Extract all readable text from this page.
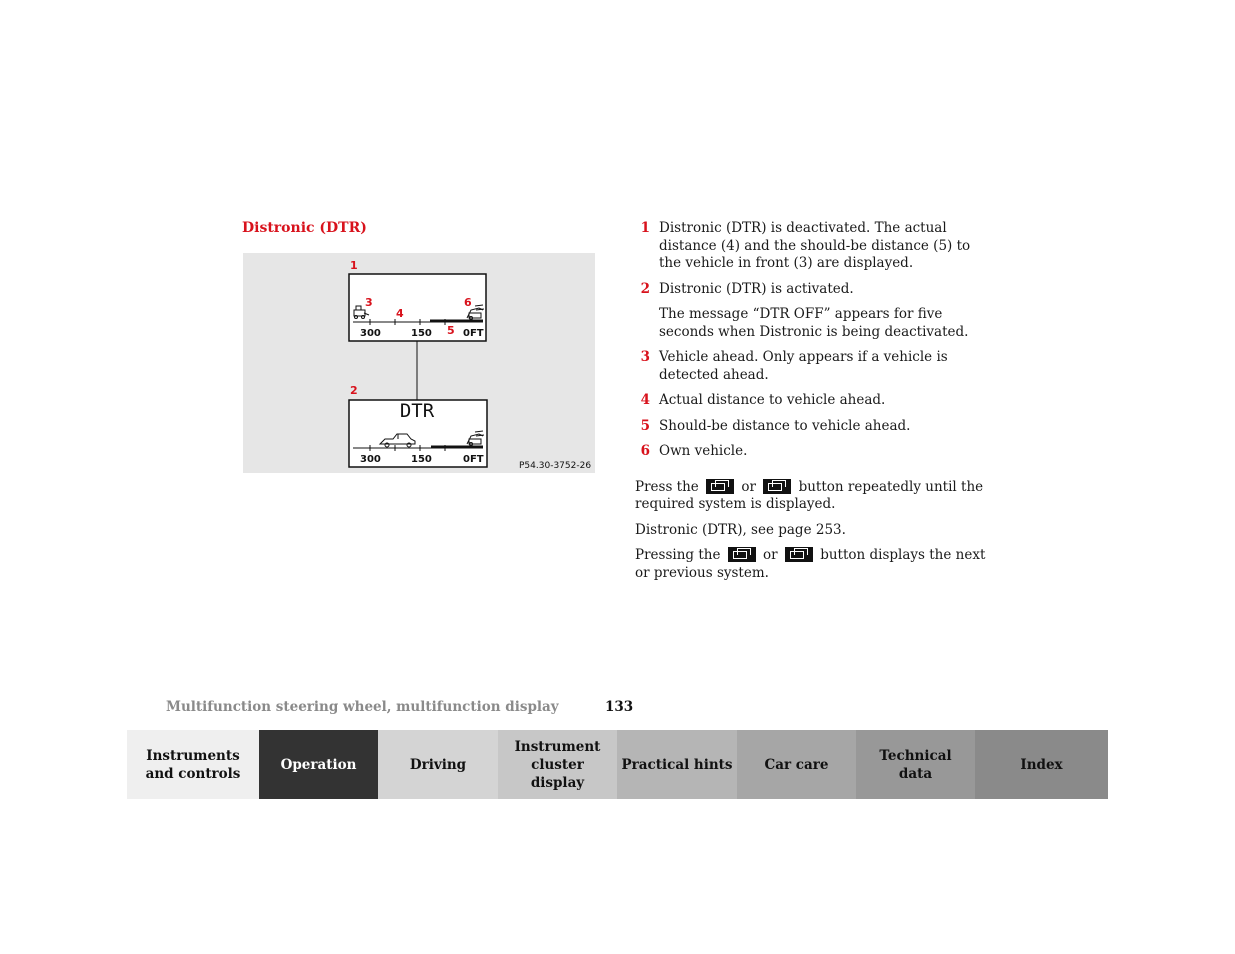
Distronic (DTR)
1
3
4
6
5
300	150	0FT
2
DTR
300	150	0FT
P54.30-3752-26
1 Distronic (DTR) is deactivated. The actual distance (4) and the should-be distance (5) to the vehicle in front (3) are displayed.
2 Distronic (DTR) is activated.
The message “DTR OFF” appears for five seconds when Distronic is being deactivated.
3 Vehicle ahead. Only appears if a vehicle is detected ahead.
4 Actual distance to vehicle ahead.
5 Should-be distance to vehicle ahead.
6 Own vehicle.

Press the	or	button repeatedly until the required system is displayed.

Distronic (DTR), see page 253.

Pressing the	or	button displays the next or previous system.

Multifunction steering wheel, multifunction display	133
Instruments and controls
Operation	Driving
Instrument cluster display
Practical hints Car care
Technical data
Index
